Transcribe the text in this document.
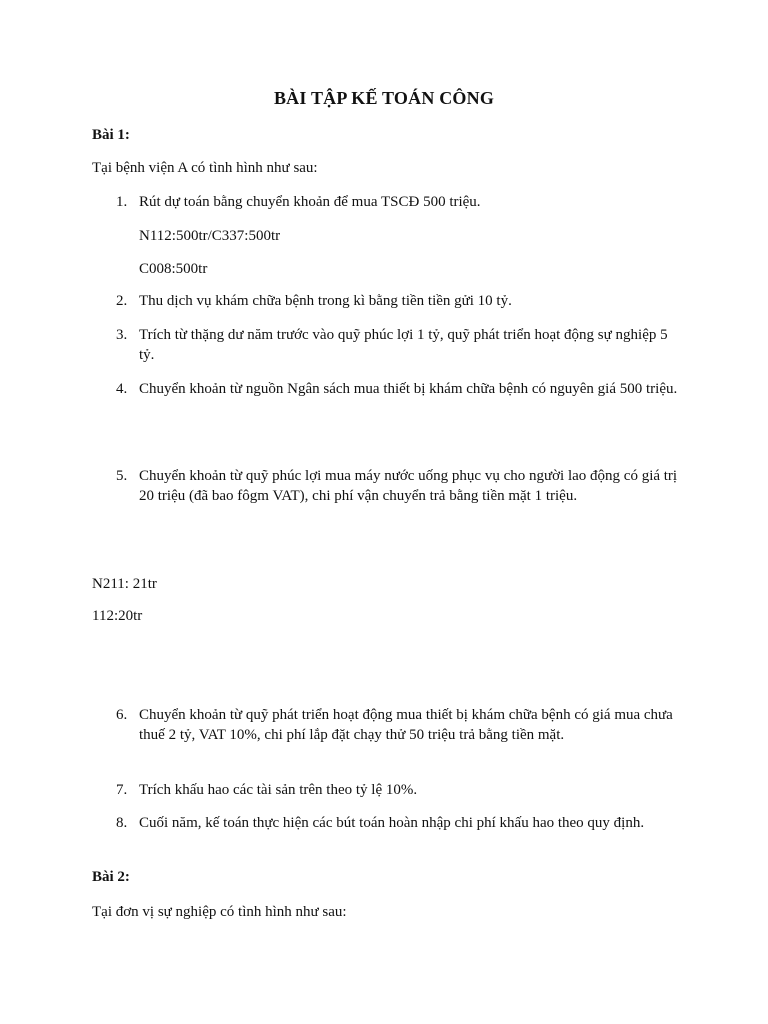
BÀI TẬP KẾ TOÁN CÔNG
Bài 1:
Tại bệnh viện A có tình hình như sau:
1. Rút dự toán bằng chuyển khoản để mua TSCĐ 500 triệu.
N112:500tr/C337:500tr
C008:500tr
2. Thu dịch vụ khám chữa bệnh trong kì bằng tiền tiền gửi 10 tỷ.
3. Trích từ thặng dư năm trước vào quỹ phúc lợi 1 tỷ, quỹ phát triển hoạt động sự nghiệp 5 tỷ.
4. Chuyển khoản từ nguồn Ngân sách mua thiết bị khám chữa bệnh có nguyên giá 500 triệu.
5. Chuyển khoản từ quỹ phúc lợi mua máy nước uống phục vụ cho người lao động có giá trị 20 triệu (đã bao fôgm VAT), chi phí vận chuyển trả bằng tiền mặt 1 triệu.
N211: 21tr
112:20tr
6. Chuyển khoản từ quỹ phát triển hoạt động mua thiết bị khám chữa bệnh có giá mua chưa thuế 2 tỷ, VAT 10%, chi phí lắp đặt chạy thử 50 triệu trả bằng tiền mặt.
7. Trích khấu hao các tài sản trên theo tỷ lệ 10%.
8. Cuối năm, kế toán thực hiện các bút toán hoàn nhập chi phí khấu hao theo quy định.
Bài 2:
Tại đơn vị sự nghiệp có tình hình như sau:
